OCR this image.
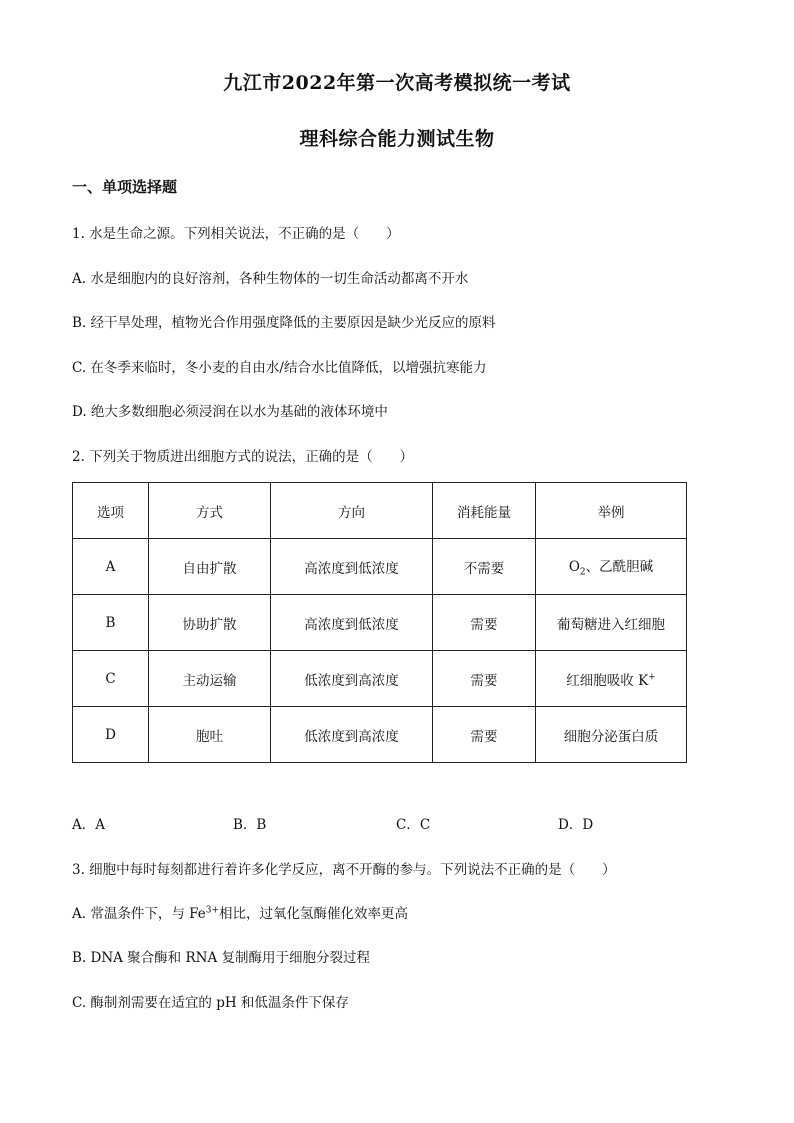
九江市2022年第一次高考模拟统一考试
理科综合能力测试生物
一、单项选择题
1. 水是生命之源。下列相关说法，不正确的是（　　）
A. 水是细胞内的良好溶剂，各种生物体的一切生命活动都离不开水
B. 经干旱处理，植物光合作用强度降低的主要原因是缺少光反应的原料
C. 在冬季来临时，冬小麦的自由水/结合水比值降低，以增强抗寒能力
D. 绝大多数细胞必须浸润在以水为基础的液体环境中
2. 下列关于物质进出细胞方式的说法，正确的是（　　）
选项	方式	方向	消耗能量	举例
A	自由扩散	高浓度到低浓度	不需要	$O_2$、乙酰胆碱
B	协助扩散	高浓度到低浓度	需要	葡萄糖进入红细胞
C	主动运输	低浓度到高浓度	需要	红细胞吸收 K+
D	胞吐	低浓度到高浓度	需要	细胞分泌蛋白质
A．A	B．B	C．C	D．D
3. 细胞中每时每刻都进行着许多化学反应，离不开酶的参与。下列说法不正确的是（　　）
A. 常温条件下，与 $Fe^{3+}$相比，过氧化氢酶催化效率更高
B. DNA 聚合酶和 RNA 复制酶用于细胞分裂过程
C. 酶制剂需要在适宜的 pH 和低温条件下保存
